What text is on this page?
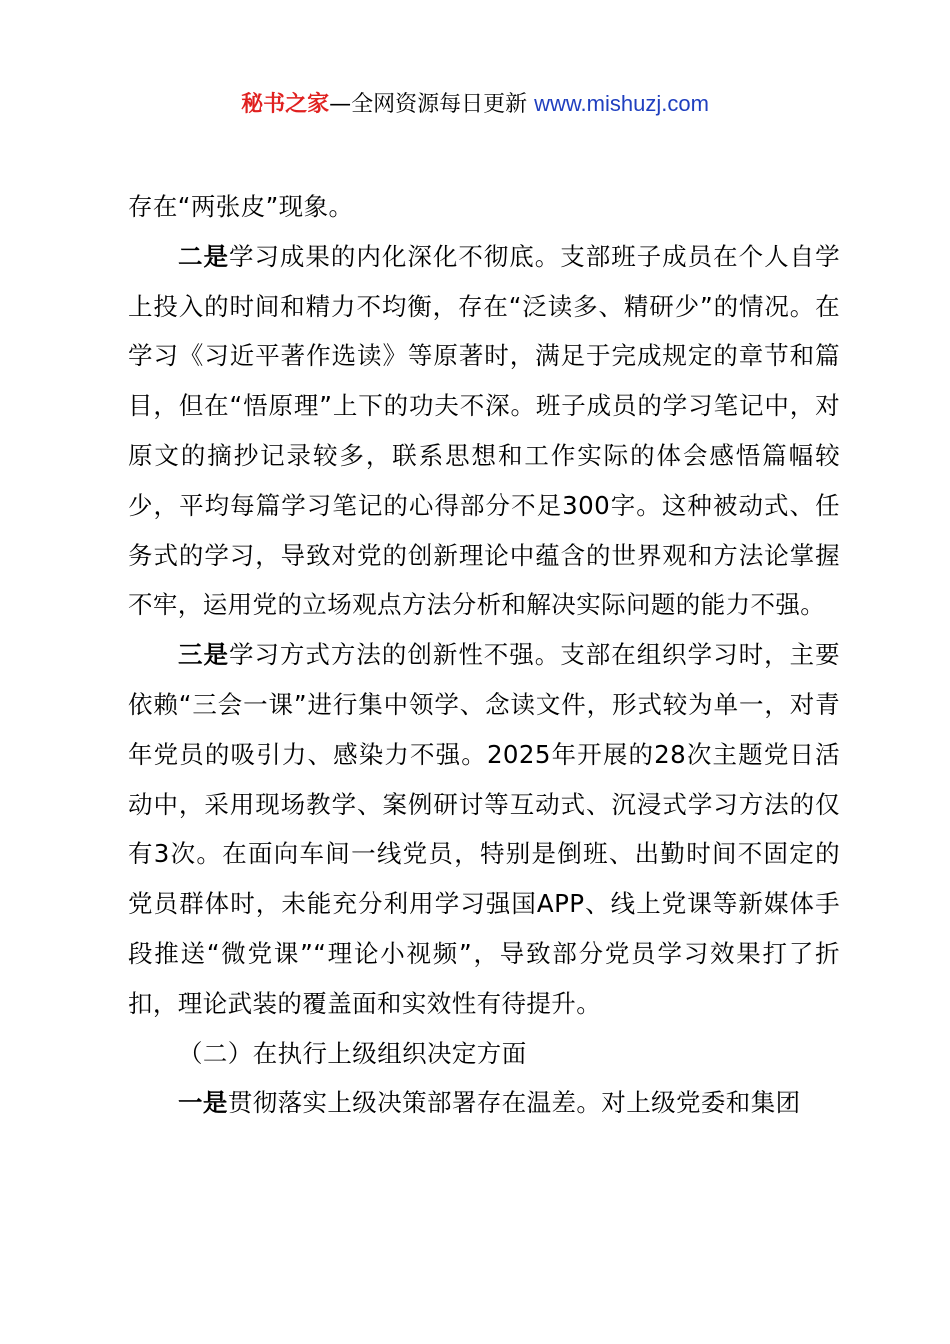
秘书之家—全网资源每日更新 www.mishuzj.com

存在“两张皮”现象。

二是学习成果的内化深化不彻底。支部班子成员在个人自学上投入的时间和精力不均衡，存在“泛读多、精研少”的情况。在学习《习近平著作选读》等原著时，满足于完成规定的章节和篇目，但在“悟原理”上下的功夫不深。班子成员的学习笔记中，对原文的摘抄记录较多，联系思想和工作实际的体会感悟篇幅较少，平均每篇学习笔记的心得部分不足300字。这种被动式、任务式的学习，导致对党的创新理论中蕴含的世界观和方法论掌握不牢，运用党的立场观点方法分析和解决实际问题的能力不强。

三是学习方式方法的创新性不强。支部在组织学习时，主要依赖“三会一课”进行集中领学、念读文件，形式较为单一，对青年党员的吸引力、感染力不强。2025年开展的28次主题党日活动中，采用现场教学、案例研讨等互动式、沉浸式学习方法的仅有3次。在面向车间一线党员，特别是倒班、出勤时间不固定的党员群体时，未能充分利用学习强国APP、线上党课等新媒体手段推送“微党课”“理论小视频”，导致部分党员学习效果打了折扣，理论武装的覆盖面和实效性有待提升。

（二）在执行上级组织决定方面

一是贯彻落实上级决策部署存在温差。对上级党委和集团
